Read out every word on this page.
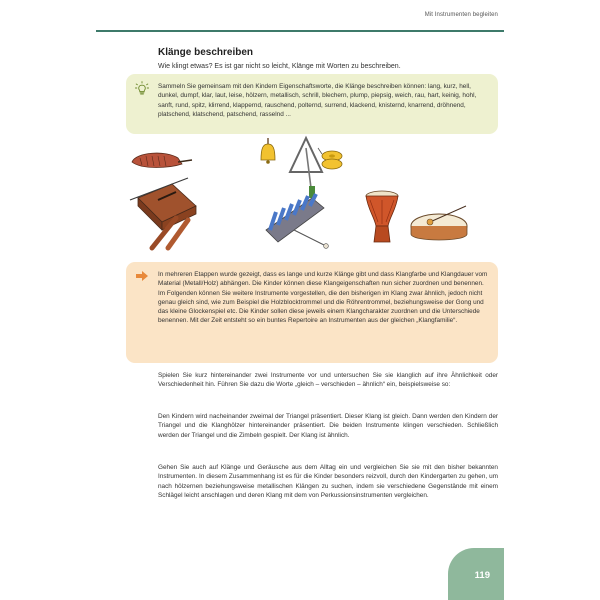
Mit Instrumenten begleiten
Klänge beschreiben
Wie klingt etwas? Es ist gar nicht so leicht, Klänge mit Worten zu beschreiben.
Sammeln Sie gemeinsam mit den Kindern Eigenschaftsworte, die Klänge beschreiben können: lang, kurz, hell, dunkel, dumpf, klar, laut, leise, hölzern, metallisch, schrill, blechern, plump, piepsig, weich, rau, hart, keinig, hohl, sanft, rund, spitz, klirrend, klappernd, rauschend, polternd, surrend, klackend, knisternd, knarrend, dröhnend, platschend, klatschend, patschend, rasselnd ...
In mehreren Etappen wurde gezeigt, dass es lange und kurze Klänge gibt und dass Klangfarbe und Klangdauer vom Material (Metall/Holz) abhängen. Die Kinder können diese Klangeigenschaften nun sicher zuordnen und benennen. Im Folgenden können Sie weitere Instrumente vorgestellen, die den bisherigen im Klang zwar ähnlich, jedoch nicht genau gleich sind, wie zum Beispiel die Holzblocktrommel und die Röhrentrommel, beziehungsweise der Gong und das kleine Glockenspiel etc. Die Kinder sollen diese jeweils einem Klangcharakter zuordnen und die Unterschiede benennen. Mit der Zeit entsteht so ein buntes Repertoire an Instrumenten aus der gleichen „Klangfamilie“.

Spielen Sie kurz hintereinander zwei Instrumente vor und untersuchen Sie sie klanglich auf ihre Ähnlichkeit oder Verschiedenheit hin. Führen Sie dazu die Worte „gleich – verschieden – ähnlich“ ein, beispielsweise so:

Den Kindern wird nacheinander zweimal der Triangel präsentiert. Dieser Klang ist gleich. Dann werden den Kindern der Triangel und die Klanghölzer hintereinander präsentiert. Die beiden Instrumente klingen verschieden. Schließlich werden der Triangel und die Zimbeln gespielt. Der Klang ist ähnlich.

Gehen Sie auch auf Klänge und Geräusche aus dem Alltag ein und vergleichen Sie sie mit den bisher bekannten Instrumenten. In diesem Zusammenhang ist es für die Kinder besonders reizvoll, durch den Kindergarten zu gehen, um nach hölzernen beziehungsweise metallischen Klängen zu suchen, indem sie verschiedene Gegenstände mit einem Schlägel leicht anschlagen und deren Klang mit dem von Perkussionsinstrumenten vergleichen.

119
